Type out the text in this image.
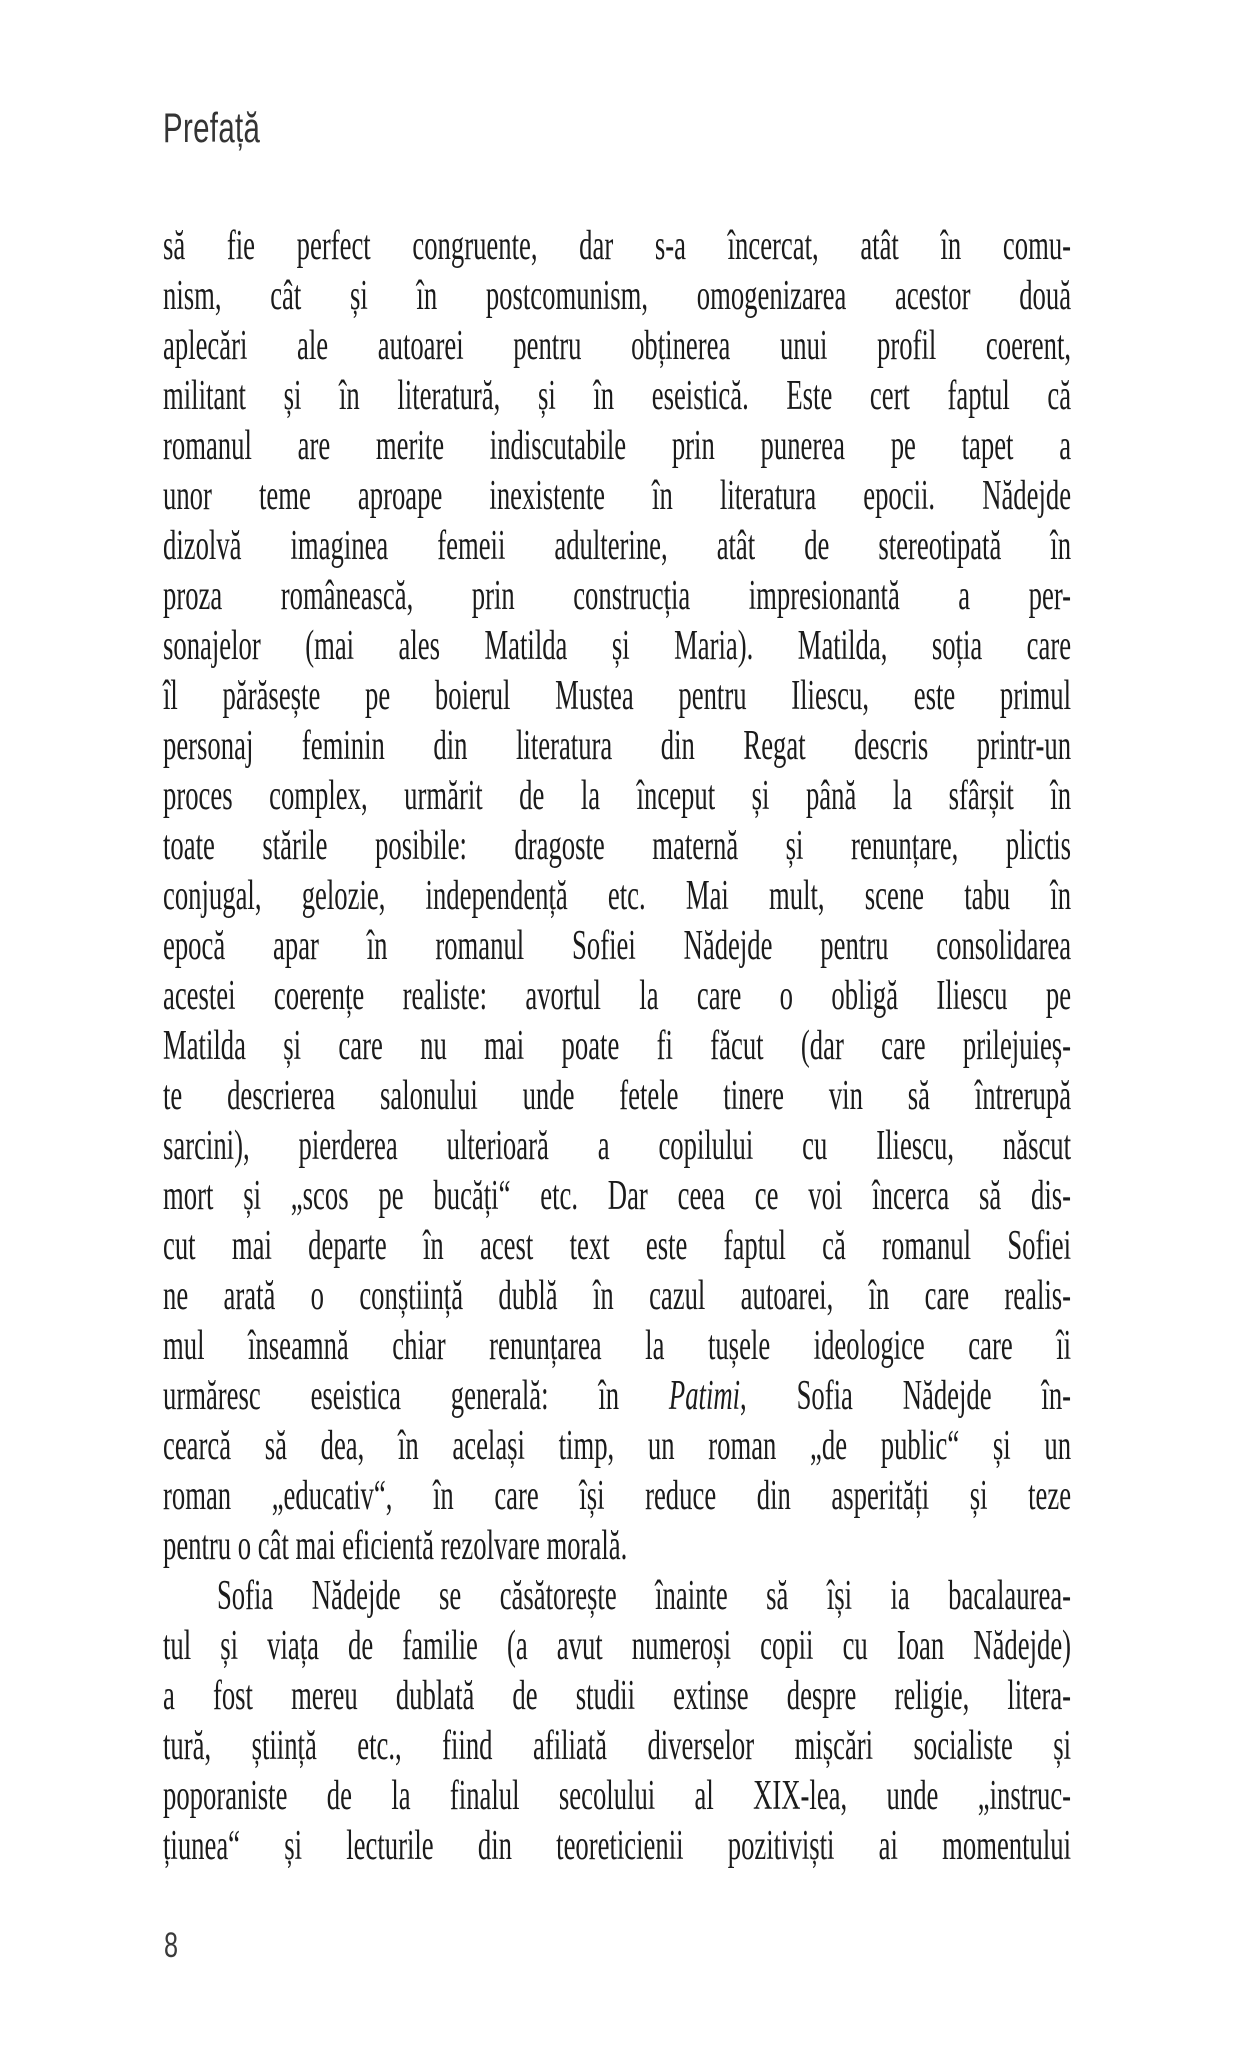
Prefață
să fie perfect congruente, dar s-a încercat, atât în comu-
nism, cât și în postcomunism, omogenizarea acestor două
aplecări ale autoarei pentru obținerea unui profil coerent,
militant și în literatură, și în eseistică. Este cert faptul că
romanul are merite indiscutabile prin punerea pe tapet a
unor teme aproape inexistente în literatura epocii. Nădejde
dizolvă imaginea femeii adulterine, atât de stereotipată în
proza românească, prin construcția impresionantă a per-
sonajelor (mai ales Matilda și Maria). Matilda, soția care
îl părăsește pe boierul Mustea pentru Iliescu, este primul
personaj feminin din literatura din Regat descris printr-un
proces complex, urmărit de la început și până la sfârșit în
toate stările posibile: dragoste maternă și renunțare, plictis
conjugal, gelozie, independență etc. Mai mult, scene tabu în
epocă apar în romanul Sofiei Nădejde pentru consolidarea
acestei coerențe realiste: avortul la care o obligă Iliescu pe
Matilda și care nu mai poate fi făcut (dar care prilejuieș-
te descrierea salonului unde fetele tinere vin să întrerupă
sarcini), pierderea ulterioară a copilului cu Iliescu, născut
mort și „scos pe bucăți“ etc. Dar ceea ce voi încerca să dis-
cut mai departe în acest text este faptul că romanul Sofiei
ne arată o conștiință dublă în cazul autoarei, în care realis-
mul înseamnă chiar renunțarea la tușele ideologice care îi
urmăresc eseistica generală: în Patimi, Sofia Nădejde în-
cearcă să dea, în același timp, un roman „de public“ și un
roman „educativ“, în care își reduce din asperități și teze
pentru o cât mai eficientă rezolvare morală.
Sofia Nădejde se căsătorește înainte să își ia bacalaurea-
tul și viața de familie (a avut numeroși copii cu Ioan Nădejde)
a fost mereu dublată de studii extinse despre religie, litera-
tură, știință etc., fiind afiliată diverselor mișcări socialiste și
poporaniste de la finalul secolului al XIX-lea, unde „instruc-
țiunea“ și lecturile din teoreticienii pozitiviști ai momentului
8
